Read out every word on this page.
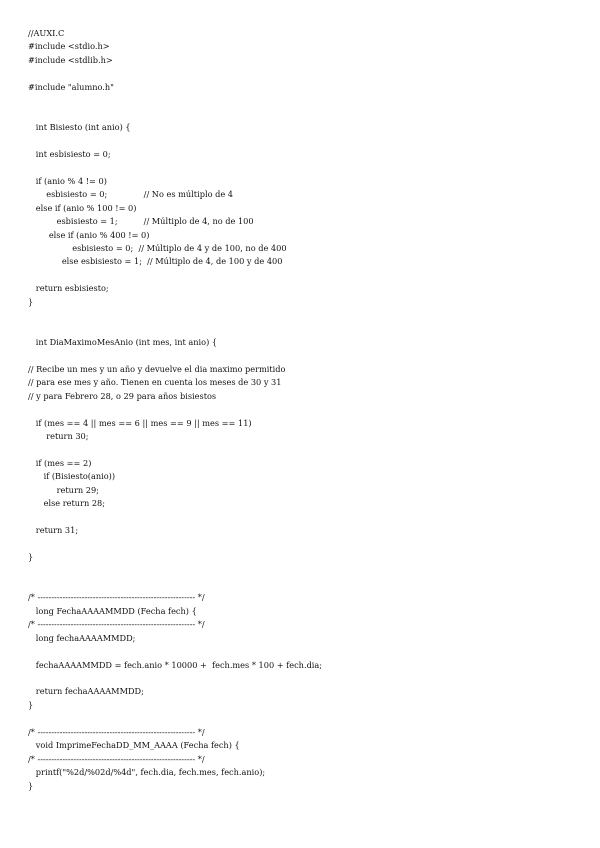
//AUXI.C
#include <stdio.h>
#include <stdlib.h>
#include "alumno.h"
int Bisiesto (int anio) {
int esbisiesto = 0;
if (anio % 4 != 0)
esbisiesto = 0;              // No es múltiplo de 4
else if (anio % 100 != 0)
esbisiesto = 1;          // Múltiplo de 4, no de 100
else if (anio % 400 != 0)
esbisiesto = 0;  // Múltiplo de 4 y de 100, no de 400
else esbisiesto = 1;  // Múltiplo de 4, de 100 y de 400
return esbisiesto;
}
int DiaMaximoMesAnio (int mes, int anio) {
// Recibe un mes y un año y devuelve el dia maximo permitido
// para ese mes y año. Tienen en cuenta los meses de 30 y 31
// y para Febrero 28, o 29 para años bisiestos
if (mes == 4 || mes == 6 || mes == 9 || mes == 11)
return 30;
if (mes == 2)
if (Bisiesto(anio))
return 29;
else return 28;
return 31;
}
/* --------------------------------------------------------- */
long FechaAAAAMMDD (Fecha fech) {
/* --------------------------------------------------------- */
long fechaAAAAMMDD;
fechaAAAAMMDD = fech.anio * 10000 +  fech.mes * 100 + fech.dia;
return fechaAAAAMMDD;
}
/* --------------------------------------------------------- */
void ImprimeFechaDD_MM_AAAA (Fecha fech) {
/* --------------------------------------------------------- */
printf("%2d/%02d/%4d", fech.dia, fech.mes, fech.anio);
}
